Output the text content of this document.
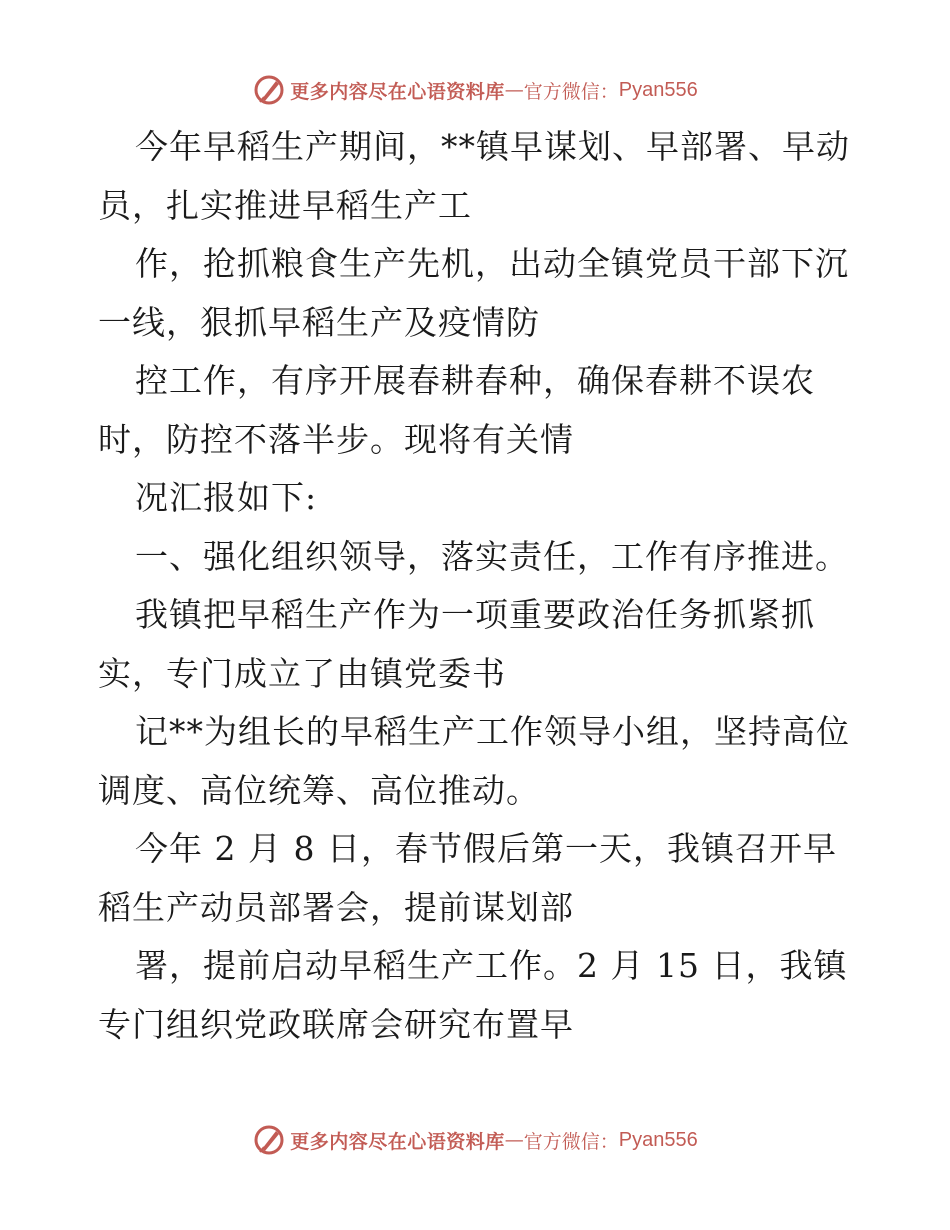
更多内容尽在心语资料库 — 官方微信： Pyan556
今年早稻生产期间，**镇早谋划、早部署、早动
员，扎实推进早稻生产工
作，抢抓粮食生产先机，出动全镇党员干部下沉
一线，狠抓早稻生产及疫情防
控工作，有序开展春耕春种，确保春耕不误农
时，防控不落半步。现将有关情
况汇报如下:
一、强化组织领导，落实责任，工作有序推进。
我镇把早稻生产作为一项重要政治任务抓紧抓
实，专门成立了由镇党委书
记**为组长的早稻生产工作领导小组，坚持高位
调度、高位统筹、高位推动。
今年 2 月 8 日，春节假后第一天，我镇召开早
稻生产动员部署会，提前谋划部
署，提前启动早稻生产工作。2 月 15 日，我镇
专门组织党政联席会研究布置早
更多内容尽在心语资料库 — 官方微信： Pyan556
